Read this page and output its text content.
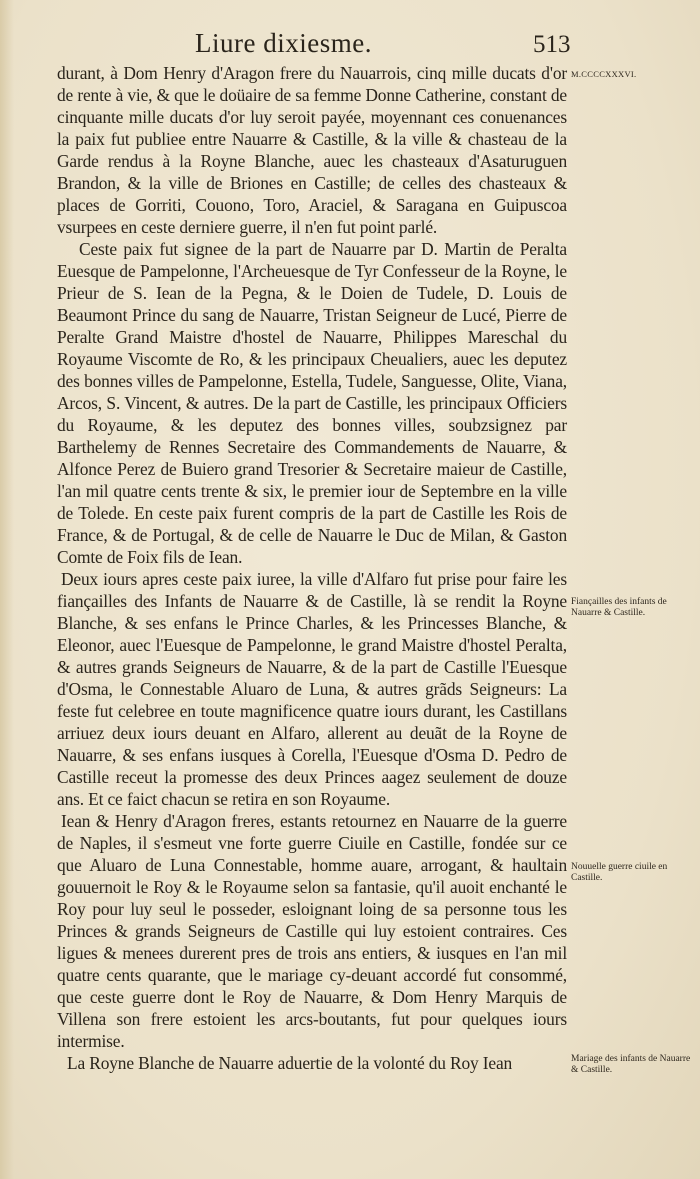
Liure dixiesme.	513
M.CCCCXXXVI.
Fiançailles des infants de Nauarre & Castille.
Nouuelle guerre ciuile en Castille.
Mariage des infants de Nauarre & Castille.

durant, à Dom Henry d'Aragon frere du Nauarrois, cinq mille ducats d'or de rente à vie, & que le doüaire de sa femme Donne Catherine, constant de cinquante mille ducats d'or luy seroit payée, moyennant ces conuenances la paix fut publiee entre Nauarre & Castille, & la ville & chasteau de la Garde rendus à la Royne Blanche, auec les chasteaux d'Asaturuguen Brandon, & la ville de Briones en Castille; de celles des chasteaux & places de Gorriti, Couono, Toro, Araciel, & Saragana en Guipuscoa vsurpees en ceste derniere guerre, il n'en fut point parlé.

Ceste paix fut signee de la part de Nauarre par D. Martin de Peralta Euesque de Pampelonne, l'Archeuesque de Tyr Confesseur de la Royne, le Prieur de S. Iean de la Pegna, & le Doien de Tudele, D. Louis de Beaumont Prince du sang de Nauarre, Tristan Seigneur de Lucé, Pierre de Peralte Grand Maistre d'hostel de Nauarre, Philippes Mareschal du Royaume Viscomte de Ro, & les principaux Cheualiers, auec les deputez des bonnes villes de Pampelonne, Estella, Tudele, Sanguesse, Olite, Viana, Arcos, S. Vincent, & autres. De la part de Castille, les principaux Officiers du Royaume, & les deputez des bonnes villes, soubzsignez par Barthelemy de Rennes Secretaire des Commandements de Nauarre, & Alfonce Perez de Buiero grand Tresorier & Secretaire maieur de Castille, l'an mil quatre cents trente & six, le premier iour de Septembre en la ville de Tolede. En ceste paix furent compris de la part de Castille les Rois de France, & de Portugal, & de celle de Nauarre le Duc de Milan, & Gaston Comte de Foix fils de Iean.

Deux iours apres ceste paix iuree, la ville d'Alfaro fut prise pour faire les fiançailles des Infants de Nauarre & de Castille, là se rendit la Royne Blanche, & ses enfans le Prince Charles, & les Princesses Blanche, & Eleonor, auec l'Euesque de Pampelonne, le grand Maistre d'hostel Peralta, & autres grands Seigneurs de Nauarre, & de la part de Castille l'Euesque d'Osma, le Connestable Aluaro de Luna, & autres grãds Seigneurs: La feste fut celebree en toute magnificence quatre iours durant, les Castillans arriuez deux iours deuant en Alfaro, allerent au deuãt de la Royne de Nauarre, & ses enfans iusques à Corella, l'Euesque d'Osma D. Pedro de Castille receut la promesse des deux Princes aagez seulement de douze ans. Et ce faict chacun se retira en son Royaume.

Iean & Henry d'Aragon freres, estants retournez en Nauarre de la guerre de Naples, il s'esmeut vne forte guerre Ciuile en Castille, fondée sur ce que Aluaro de Luna Connestable, homme auare, arrogant, & haultain gouuernoit le Roy & le Royaume selon sa fantasie, qu'il auoit enchanté le Roy pour luy seul le posseder, esloignant loing de sa personne tous les Princes & grands Seigneurs de Castille qui luy estoient contraires. Ces ligues & menees durerent pres de trois ans entiers, & iusques en l'an mil quatre cents quarante, que le mariage cy-deuant accordé fut consommé, que ceste guerre dont le Roy de Nauarre, & Dom Henry Marquis de Villena son frere estoient les arcs-boutants, fut pour quelques iours intermise.

La Royne Blanche de Nauarre aduertie de la volonté du Roy Iean
